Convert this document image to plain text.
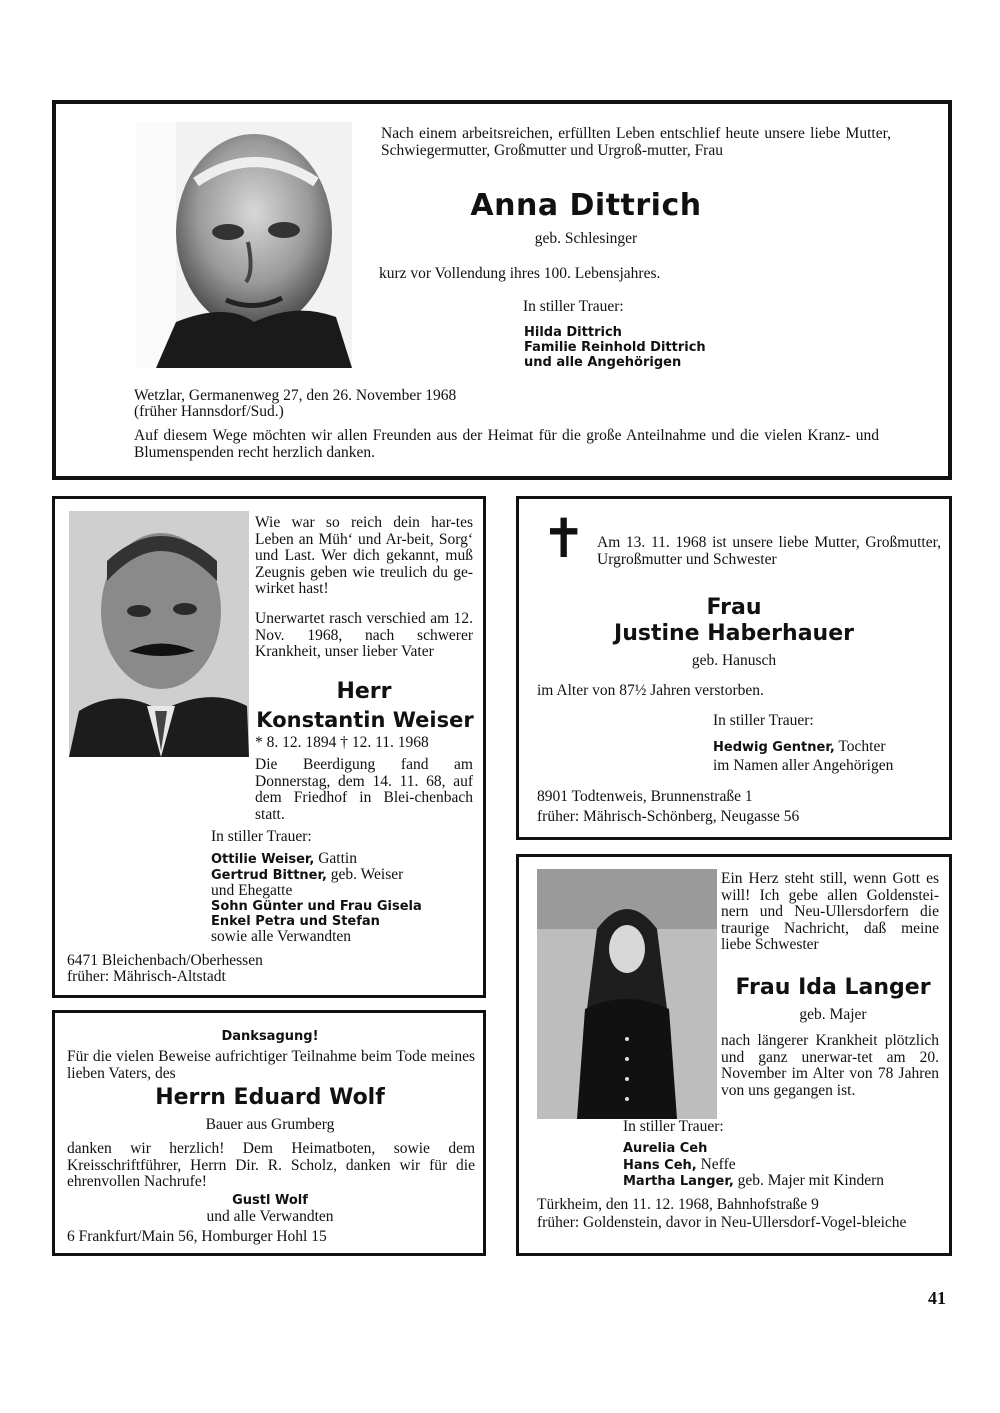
Nach einem arbeitsreichen, erfüllten Leben entschlief heute unsere liebe Mutter, Schwiegermutter, Großmutter und Urgroß-mutter, Frau

Anna Dittrich
geb. Schlesinger
kurz vor Vollendung ihres 100. Lebensjahres.
In stiller Trauer:
Hilda Dittrich
Familie Reinhold Dittrich
und alle Angehörigen
Wetzlar, Germanenweg 27, den 26. November 1968
(früher Hannsdorf/Sud.)

Auf diesem Wege möchten wir allen Freunden aus der Heimat für die große Anteilnahme und die vielen Kranz- und Blumenspenden recht herzlich danken.

Wie war so reich dein har-tes Leben an Müh‘ und Ar-beit, Sorg‘ und Last. Wer dich gekannt, muß Zeugnis geben wie treulich du ge-wirket hast!

Unerwartet rasch verschied am 12. Nov. 1968, nach schwerer Krankheit, unser lieber Vater

Herr
Konstantin Weiser
* 8. 12. 1894 † 12. 11. 1968

Die Beerdigung fand am Donnerstag, dem 14. 11. 68, auf dem Friedhof in Blei-chenbach statt.

In stiller Trauer:
Ottilie Weiser, Gattin
Gertrud Bittner, geb. Weiser
und Ehegatte
Sohn Günter und Frau Gisela
Enkel Petra und Stefan
sowie alle Verwandten
6471 Bleichenbach/Oberhessen
früher: Mährisch-Altstadt
✝ Am 13. 11. 1968 ist unsere liebe Mutter, Großmutter, Urgroßmutter und Schwester

Frau
Justine Haberhauer
geb. Hanusch
im Alter von 87½ Jahren verstorben.
In stiller Trauer:
Hedwig Gentner, Tochter
im Namen aller Angehörigen
8901 Todtenweis, Brunnenstraße 1
früher: Mährisch-Schönberg, Neugasse 56
Danksagung!

Für die vielen Beweise aufrichtiger Teilnahme beim Tode meines lieben Vaters, des

Herrn Eduard Wolf
Bauer aus Grumberg

danken wir herzlich! Dem Heimatboten, sowie dem Kreisschriftführer, Herrn Dir. R. Scholz, danken wir für die ehrenvollen Nachrufe!

Gustl Wolf
und alle Verwandten
6 Frankfurt/Main 56, Homburger Hohl 15

Ein Herz steht still, wenn Gott es will! Ich gebe allen Goldenstei-nern und Neu-Ullersdorfern die traurige Nachricht, daß meine liebe Schwester

Frau Ida Langer
geb. Majer

nach längerer Krankheit plötzlich und ganz unerwar-tet am 20. November im Alter von 78 Jahren von uns gegangen ist.

In stiller Trauer:
Aurelia Ceh
Hans Ceh, Neffe
Martha Langer, geb. Majer mit Kindern
Türkheim, den 11. 12. 1968, Bahnhofstraße 9

früher: Goldenstein, davor in Neu-Ullersdorf-Vogel-bleiche

41
